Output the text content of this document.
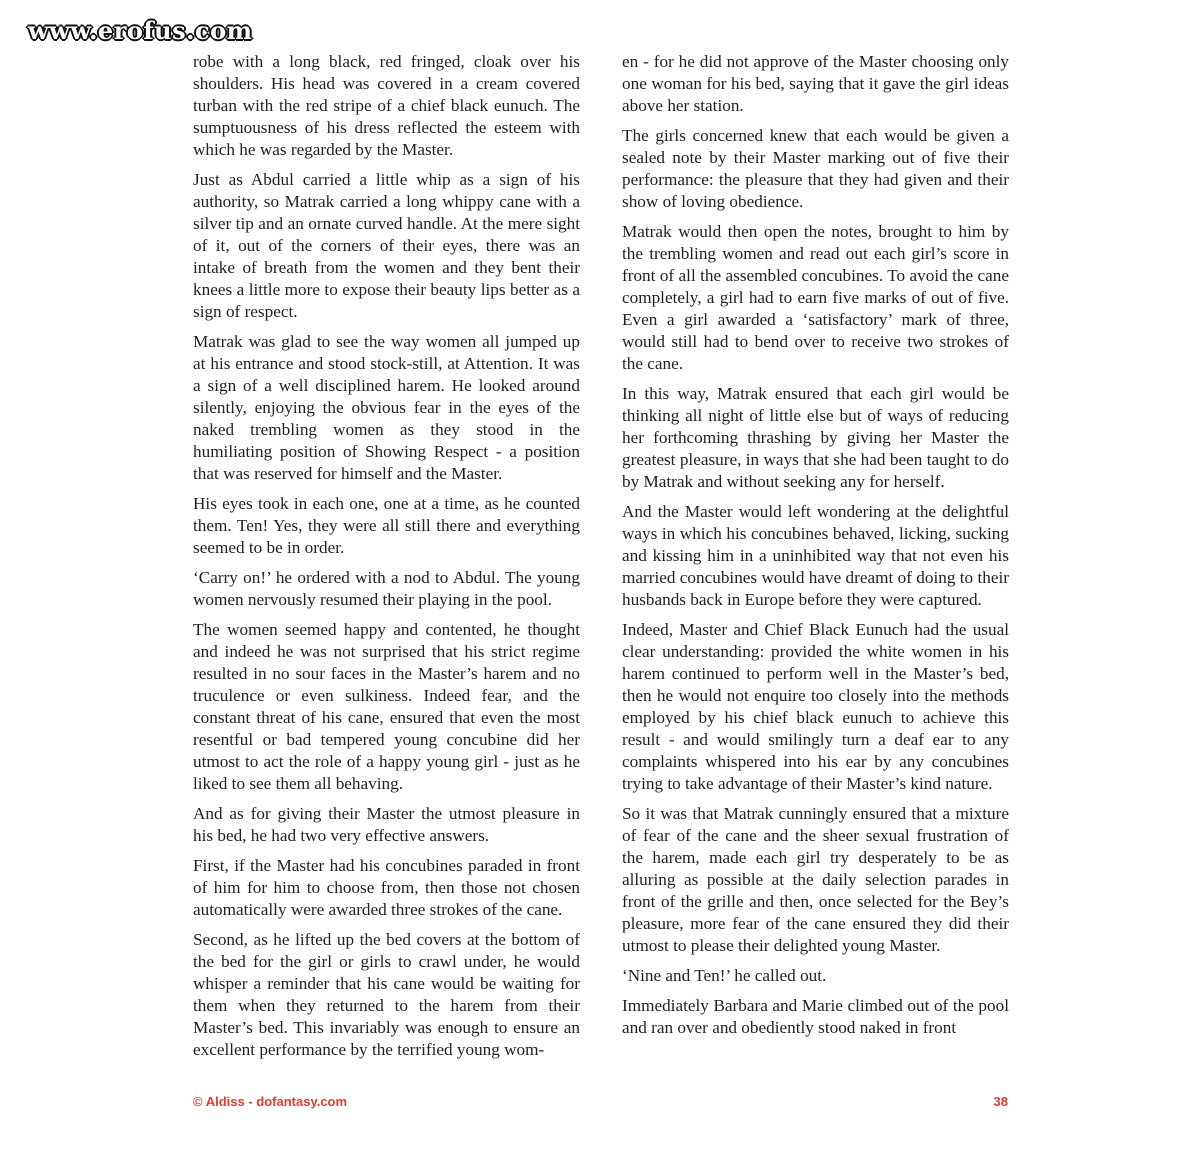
www.erofus.com

robe with a long black, red fringed, cloak over his shoulders. His head was covered in a cream covered turban with the red stripe of a chief black eunuch. The sumptuousness of his dress reflected the esteem with which he was regarded by the Master.

Just as Abdul carried a little whip as a sign of his authority, so Matrak carried a long whippy cane with a silver tip and an ornate curved handle. At the mere sight of it, out of the corners of their eyes, there was an intake of breath from the women and they bent their knees a little more to expose their beauty lips better as a sign of respect.

Matrak was glad to see the way women all jumped up at his entrance and stood stock-still, at Attention. It was a sign of a well disciplined harem. He looked around silently, enjoying the obvious fear in the eyes of the naked trembling women as they stood in the humiliating position of Showing Respect - a position that was reserved for himself and the Master.

His eyes took in each one, one at a time, as he counted them. Ten! Yes, they were all still there and everything seemed to be in order.

‘Carry on!’ he ordered with a nod to Abdul. The young women nervously resumed their playing in the pool.

The women seemed happy and contented, he thought and indeed he was not surprised that his strict regime resulted in no sour faces in the Master’s harem and no truculence or even sulkiness. Indeed fear, and the constant threat of his cane, ensured that even the most resentful or bad tempered young concubine did her utmost to act the role of a happy young girl - just as he liked to see them all behaving.

And as for giving their Master the utmost pleasure in his bed, he had two very effective answers.

First, if the Master had his concubines paraded in front of him for him to choose from, then those not chosen automatically were awarded three strokes of the cane.

Second, as he lifted up the bed covers at the bottom of the bed for the girl or girls to crawl under, he would whisper a reminder that his cane would be waiting for them when they returned to the harem from their Master’s bed. This invariably was enough to ensure an excellent performance by the terrified young wom-

en - for he did not approve of the Master choosing only one woman for his bed, saying that it gave the girl ideas above her station.

The girls concerned knew that each would be given a sealed note by their Master marking out of five their performance: the pleasure that they had given and their show of loving obedience.

Matrak would then open the notes, brought to him by the trembling women and read out each girl’s score in front of all the assembled concubines. To avoid the cane completely, a girl had to earn five marks of out of five. Even a girl awarded a ‘satisfactory’ mark of three, would still had to bend over to receive two strokes of the cane.

In this way, Matrak ensured that each girl would be thinking all night of little else but of ways of reducing her forthcoming thrashing by giving her Master the greatest pleasure, in ways that she had been taught to do by Matrak and without seeking any for herself.

And the Master would left wondering at the delightful ways in which his concubines behaved, licking, sucking and kissing him in a uninhibited way that not even his married concubines would have dreamt of doing to their husbands back in Europe before they were captured.

Indeed, Master and Chief Black Eunuch had the usual clear understanding: provided the white women in his harem continued to perform well in the Master’s bed, then he would not enquire too closely into the methods employed by his chief black eunuch to achieve this result - and would smilingly turn a deaf ear to any complaints whispered into his ear by any concubines trying to take advantage of their Master’s kind nature.

So it was that Matrak cunningly ensured that a mixture of fear of the cane and the sheer sexual frustration of the harem, made each girl try desperately to be as alluring as possible at the daily selection parades in front of the grille and then, once selected for the Bey’s pleasure, more fear of the cane ensured they did their utmost to please their delighted young Master.

‘Nine and Ten!’ he called out.

Immediately Barbara and Marie climbed out of the pool and ran over and obediently stood naked in front

© Aldiss - dofantasy.com	38
